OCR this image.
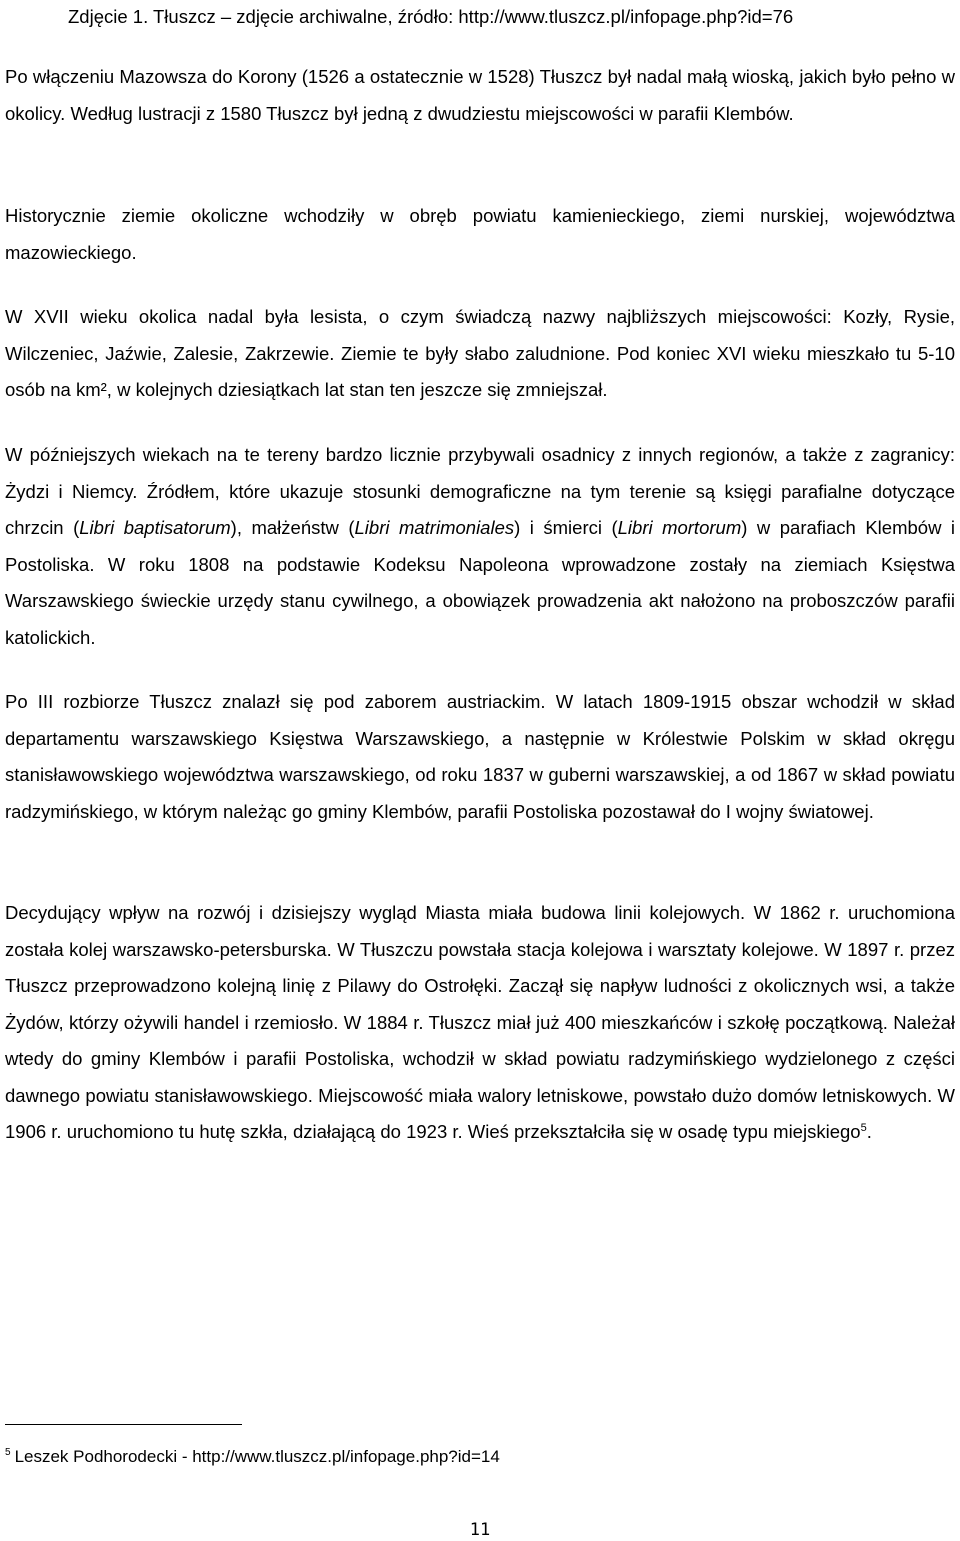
Zdjęcie 1. Tłuszcz – zdjęcie archiwalne, źródło: http://www.tluszcz.pl/infopage.php?id=76
Po włączeniu Mazowsza do Korony (1526 a ostatecznie w 1528) Tłuszcz był nadal małą wioską, jakich było pełno w okolicy. Według lustracji z 1580 Tłuszcz był jedną z dwudziestu miejscowości w parafii Klembów.
Historycznie ziemie okoliczne wchodziły w obręb powiatu kamienieckiego, ziemi nurskiej, województwa mazowieckiego.
W XVII wieku okolica nadal była lesista, o czym świadczą nazwy najbliższych miejscowości: Kozły, Rysie, Wilczeniec, Jaźwie, Zalesie, Zakrzewie. Ziemie te były słabo zaludnione. Pod koniec XVI wieku mieszkało tu 5-10 osób na km², w kolejnych dziesiątkach lat stan ten jeszcze się zmniejszał.
W późniejszych wiekach na te tereny bardzo licznie przybywali osadnicy z innych regionów, a także z zagranicy: Żydzi i Niemcy. Źródłem, które ukazuje stosunki demograficzne na tym terenie są księgi parafialne dotyczące chrzcin (Libri baptisatorum), małżeństw (Libri matrimoniales) i śmierci (Libri mortorum) w parafiach Klembów i Postoliska. W roku 1808 na podstawie Kodeksu Napoleona wprowadzone zostały na ziemiach Księstwa Warszawskiego świeckie urzędy stanu cywilnego, a obowiązek prowadzenia akt nałożono na proboszczów parafii katolickich.
Po III rozbiorze Tłuszcz znalazł się pod zaborem austriackim. W latach 1809-1915 obszar wchodził w skład departamentu warszawskiego Księstwa Warszawskiego, a następnie w Królestwie Polskim w skład okręgu stanisławowskiego województwa warszawskiego, od roku 1837 w guberni warszawskiej, a od 1867 w skład powiatu radzymińskiego, w którym należąc go gminy Klembów, parafii Postoliska pozostawał do I wojny światowej.
Decydujący wpływ na rozwój i dzisiejszy wygląd Miasta miała budowa linii kolejowych. W 1862 r. uruchomiona została kolej warszawsko-petersburska. W Tłuszczu powstała stacja kolejowa i warsztaty kolejowe. W 1897 r. przez Tłuszcz przeprowadzono kolejną linię z Pilawy do Ostrołęki. Zaczął się napływ ludności z okolicznych wsi, a także Żydów, którzy ożywili handel i rzemiosło. W 1884 r. Tłuszcz miał już 400 mieszkańców i szkołę początkową. Należał wtedy do gminy Klembów i parafii Postoliska, wchodził w skład powiatu radzymińskiego wydzielonego z części dawnego powiatu stanisławowskiego. Miejscowość miała walory letniskowe, powstało dużo domów letniskowych. W 1906 r. uruchomiono tu hutę szkła, działającą do 1923 r. Wieś przekształciła się w osadę typu miejskiego$^5$.
$^5$ Leszek Podhorodecki - http://www.tluszcz.pl/infopage.php?id=14
11
